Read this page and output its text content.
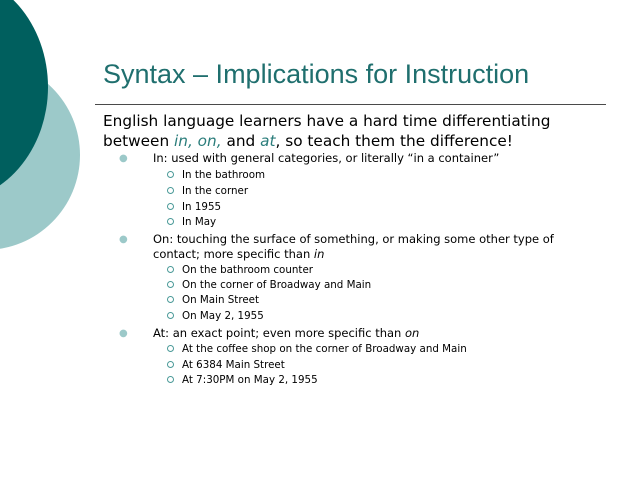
Syntax – Implications for Instruction

English language learners have a hard time differentiating between in, on, and at, so teach them the difference!

● In: used with general categories, or literally “in a container”
In the bathroom
In the corner
In 1955
In May
● On: touching the surface of something, or making some other type of contact; more specific than in
On the bathroom counter
On the corner of Broadway and Main
On Main Street
On May 2, 1955
● At: an exact point; even more specific than on
At the coffee shop on the corner of Broadway and Main
At 6384 Main Street
At 7:30PM on May 2, 1955
